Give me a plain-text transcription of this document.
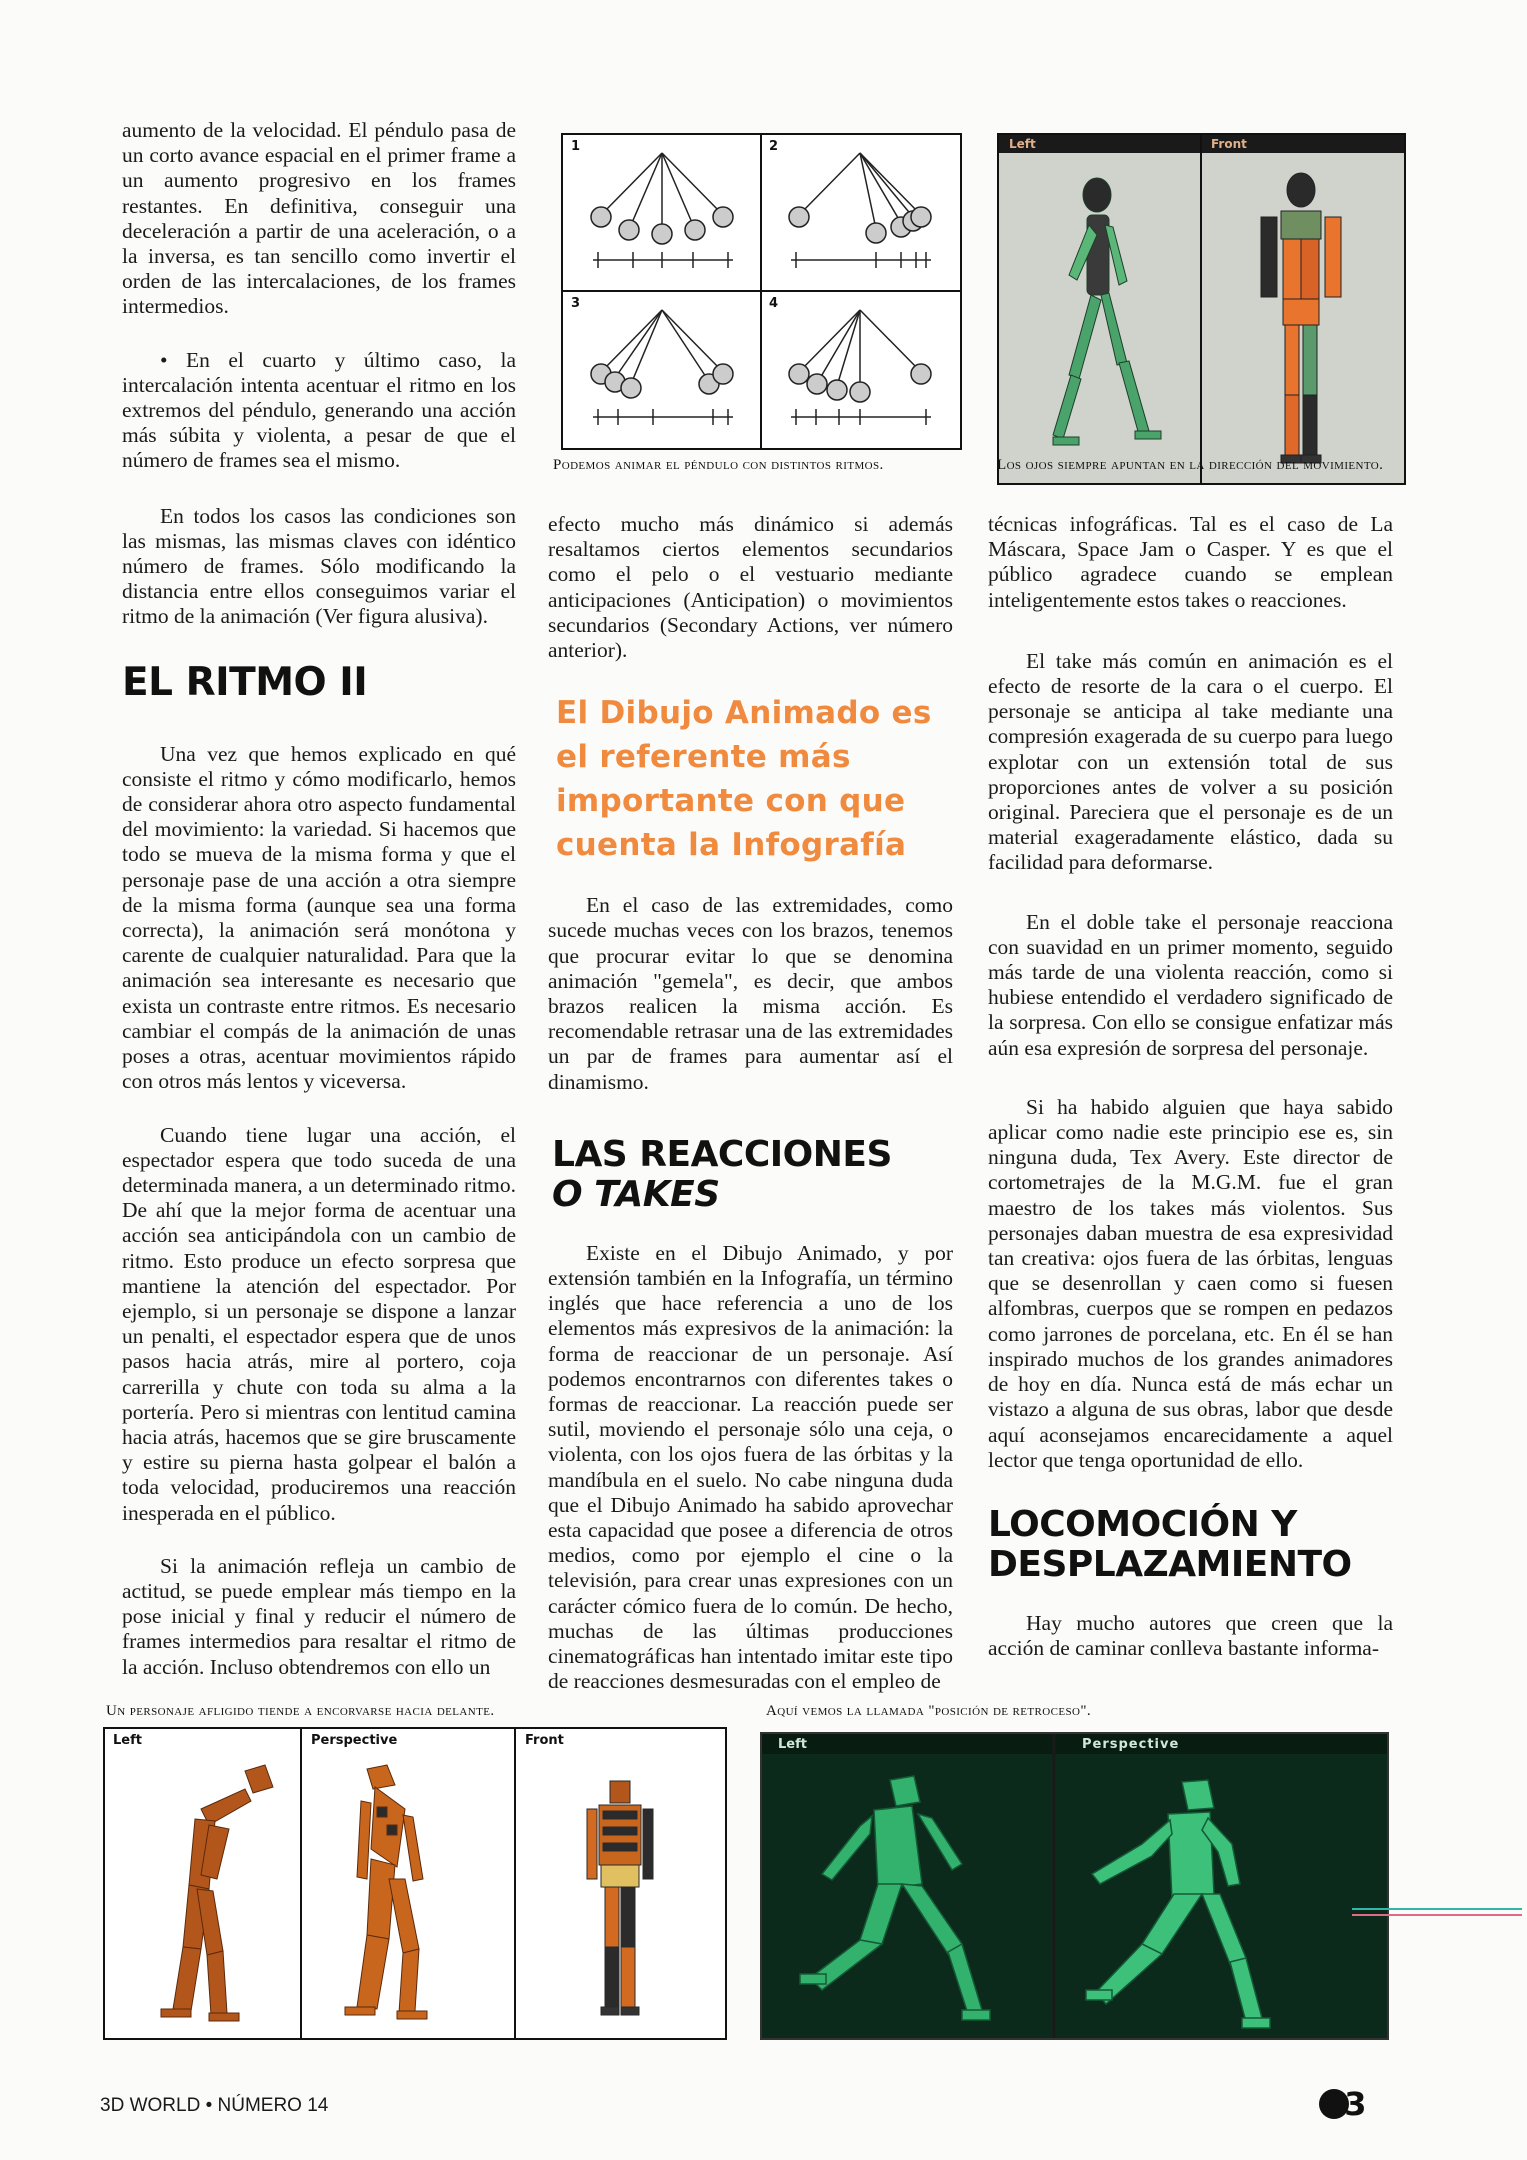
aumento de la velocidad. El péndulo pasa de un corto avance espacial en el primer frame a un aumento progresivo en los frames restantes. En definitiva, conseguir una deceleración a partir de una aceleración, o a la inversa, es tan sencillo como invertir el orden de las intercalaciones, de los frames intermedios.

• En el cuarto y último caso, la intercalación intenta acentuar el ritmo en los extremos del péndulo, generando una acción más súbita y violenta, a pesar de que el número de frames sea el mismo.

En todos los casos las condiciones son las mismas, las mismas claves con idéntico número de frames. Sólo modificando la distancia entre ellos conseguimos variar el ritmo de la animación (Ver figura alusiva).

EL RITMO II

Una vez que hemos explicado en qué consiste el ritmo y cómo modificarlo, hemos de considerar ahora otro aspecto fundamental del movimiento: la variedad. Si hacemos que todo se mueva de la misma forma y que el personaje pase de una acción a otra siempre de la misma forma (aunque sea una forma correcta), la animación será monótona y carente de cualquier naturalidad. Para que la animación sea interesante es necesario que exista un contraste entre ritmos. Es necesario cambiar el compás de la animación de unas poses a otras, acentuar movimientos rápido con otros más lentos y viceversa.

Cuando tiene lugar una acción, el espectador espera que todo suceda de una determinada manera, a un determinado ritmo. De ahí que la mejor forma de acentuar una acción sea anticipándola con un cambio de ritmo. Esto produce un efecto sorpresa que mantiene la atención del espectador. Por ejemplo, si un personaje se dispone a lanzar un penalti, el espectador espera que de unos pasos hacia atrás, mire al portero, coja carrerilla y chute con toda su alma a la portería. Pero si mientras con lentitud camina hacia atrás, hacemos que se gire bruscamente y estire su pierna hasta golpear el balón a toda velocidad, produciremos una reacción inesperada en el público.

Si la animación refleja un cambio de actitud, se puede emplear más tiempo en la pose inicial y final y reducir el número de frames intermedios para resaltar el ritmo de la acción. Incluso obtendremos con ello un

1	2
3	4
Podemos animar el péndulo con distintos ritmos.

efecto mucho más dinámico si además resaltamos ciertos elementos secundarios como el pelo o el vestuario mediante anticipaciones (Anticipation) o movimientos secundarios (Secondary Actions, ver número anterior).

El Dibujo Animado es el referente más importante con que cuenta la Infografía

En el caso de las extremidades, como sucede muchas veces con los brazos, tenemos que procurar evitar lo que se denomina animación "gemela", es decir, que ambos brazos realicen la misma acción. Es recomendable retrasar una de las extremidades un par de frames para aumentar así el dinamismo.

LAS REACCIONES
O TAKES

Existe en el Dibujo Animado, y por extensión también en la Infografía, un término inglés que hace referencia a uno de los elementos más expresivos de la animación: la forma de reaccionar de un personaje. Así podemos encontrarnos con diferentes takes o formas de reaccionar. La reacción puede ser sutil, moviendo el personaje sólo una ceja, o violenta, con los ojos fuera de las órbitas y la mandíbula en el suelo. No cabe ninguna duda que el Dibujo Animado ha sabido aprovechar esta capacidad que posee a diferencia de otros medios, como por ejemplo el cine o la televisión, para crear unas expresiones con un carácter cómico fuera de lo común. De hecho, muchas de las últimas producciones cinematográficas han intentado imitar este tipo de reacciones desmesuradas con el empleo de

Left	Front
Los ojos siempre apuntan en la dirección del movimiento.

técnicas infográficas. Tal es el caso de La Máscara, Space Jam o Casper. Y es que el público agradece cuando se emplean inteligentemente estos takes o reacciones.

El take más común en animación es el efecto de resorte de la cara o el cuerpo. El personaje se anticipa al take mediante una compresión exagerada de su cuerpo para luego explotar con un extensión total de sus proporciones antes de volver a su posición original. Pareciera que el personaje es de un material exageradamente elástico, dada su facilidad para deformarse.

En el doble take el personaje reacciona con suavidad en un primer momento, seguido más tarde de una violenta reacción, como si hubiese entendido el verdadero significado de la sorpresa. Con ello se consigue enfatizar más aún esa expresión de sorpresa del personaje.

Si ha habido alguien que haya sabido aplicar como nadie este principio ese es, sin ninguna duda, Tex Avery. Este director de cortometrajes de la M.G.M. fue el gran maestro de los takes más violentos. Sus personajes daban muestra de esa expresividad tan creativa: ojos fuera de las órbitas, lenguas que se desenrollan y caen como si fuesen alfombras, cuerpos que se rompen en pedazos como jarrones de porcelana, etc. En él se han inspirado muchos de los grandes animadores de hoy en día. Nunca está de más echar un vistazo a alguna de sus obras, labor que desde aquí aconsejamos encarecidamente a aquel lector que tenga oportunidad de ello.

LOCOMOCIÓN Y
DESPLAZAMIENTO

Hay mucho autores que creen que la acción de caminar conlleva bastante informa-

Un personaje afligido tiende a encorvarse hacia delante.
Left	Perspective	Front
Aquí vemos la llamada "posición de retroceso".
Left	Perspective
3D WORLD • NÚMERO 14	33
